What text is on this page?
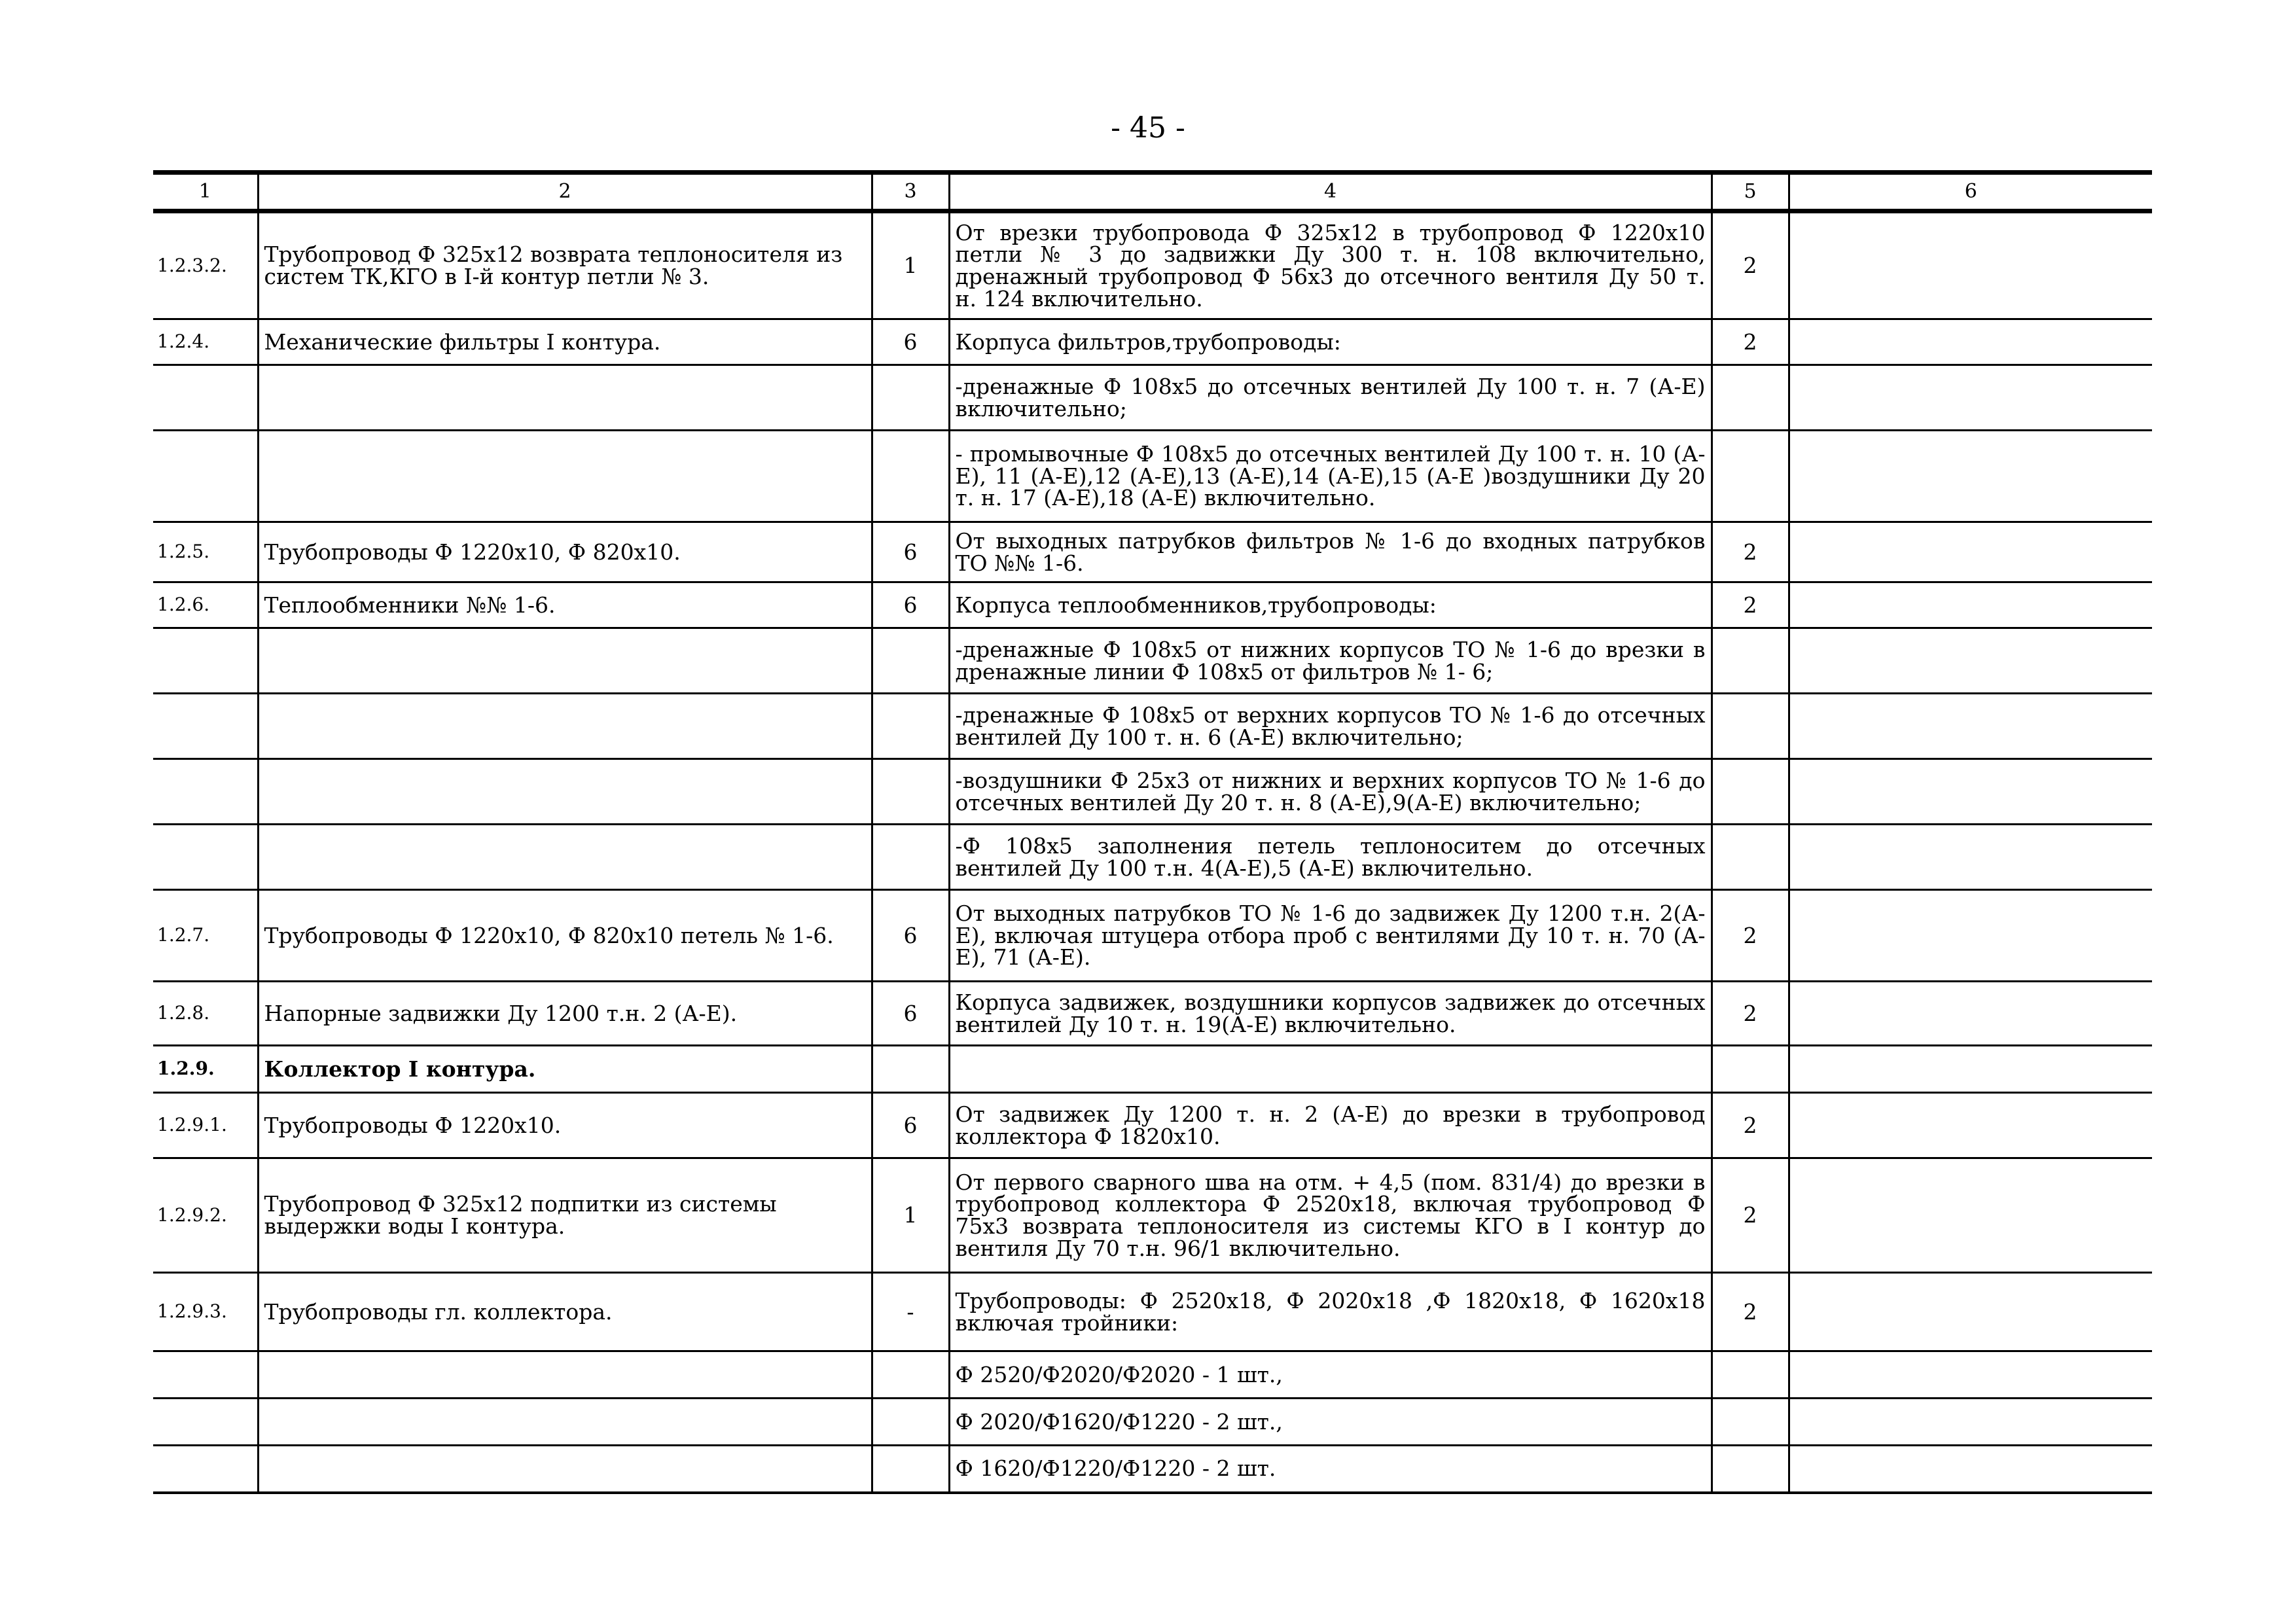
- 45 -
1	2	3	4	5	6
1.2.3.2.	Трубопровод Ф 325х12 возврата теплоносителя из систем ТК,КГО в І-й контур петли № 3.	1	От врезки трубопровода Ф 325х12 в трубопровод Ф 1220х10 петли № 3 до задвижки Ду 300 т. н. 108 включительно, дренажный трубопровод Ф 56х3 до отсечного вентиля Ду 50 т. н. 124 включительно.	2	
1.2.4.	Механические фильтры І контура.	6	Корпуса фильтров,трубопроводы:	2	
			-дренажные Ф 108х5 до отсечных вентилей Ду 100 т. н. 7 (А-Е) включительно;		
			- промывочные Ф 108х5 до отсечных вентилей Ду 100 т. н. 10 (А-Е), 11 (А-Е),12 (А-Е),13 (А-Е),14 (А-Е),15 (А-Е )воздушники Ду 20 т. н. 17 (А-Е),18 (А-Е) включительно.		
1.2.5.	Трубопроводы Ф 1220х10, Ф 820х10.	6	От выходных патрубков фильтров № 1-6 до входных патрубков ТО №№ 1-6.	2	
1.2.6.	Теплообменники №№ 1-6.	6	Корпуса теплообменников,трубопроводы:	2	
			-дренажные Ф 108х5 от нижних корпусов ТО № 1-6 до врезки в дренажные линии Ф 108х5 от фильтров № 1- 6;		
			-дренажные Ф 108х5 от верхних корпусов ТО № 1-6 до отсечных вентилей Ду 100 т. н. 6 (А-Е) включительно;		
			-воздушники Ф 25х3 от нижних и верхних корпусов ТО № 1-6 до отсечных вентилей Ду 20 т. н. 8 (А-Е),9(А-Е) включительно;		
			-Ф 108х5 заполнения петель теплоноситем до отсечных вентилей Ду 100 т.н. 4(А-Е),5 (А-Е) включительно.		
1.2.7.	Трубопроводы Ф 1220х10, Ф 820х10 петель № 1-6.	6	От выходных патрубков ТО № 1-6 до задвижек Ду 1200 т.н. 2(А-Е), включая штуцера отбора проб с вентилями Ду 10 т. н. 70 (А-Е), 71 (А-Е).	2	
1.2.8.	Напорные задвижки Ду 1200 т.н. 2 (А-Е).	6	Корпуса задвижек, воздушники корпусов задвижек до отсечных вентилей Ду 10 т. н. 19(А-Е) включительно.	2	
1.2.9.	Коллектор І контура.				
1.2.9.1.	Трубопроводы Ф 1220х10.	6	От задвижек Ду 1200 т. н. 2 (А-Е) до врезки в трубопровод коллектора Ф 1820х10.	2	
1.2.9.2.	Трубопровод Ф 325х12 подпитки из системы выдержки воды І контура.	1	От первого сварного шва на отм. + 4,5 (пом. 831/4) до врезки в трубопровод коллектора Ф 2520х18, включая трубопровод Ф 75х3 возврата теплоносителя из системы КГО в І контур до вентиля Ду 70 т.н. 96/1 включительно.	2	
1.2.9.3.	Трубопроводы гл. коллектора.	-	Трубопроводы: Ф 2520х18, Ф 2020х18 ,Ф 1820х18, Ф 1620х18 включая тройники:	2	
			Ф 2520/Ф2020/Ф2020 - 1 шт.,		
			Ф 2020/Ф1620/Ф1220 - 2 шт.,		
			Ф 1620/Ф1220/Ф1220 - 2 шт.		
